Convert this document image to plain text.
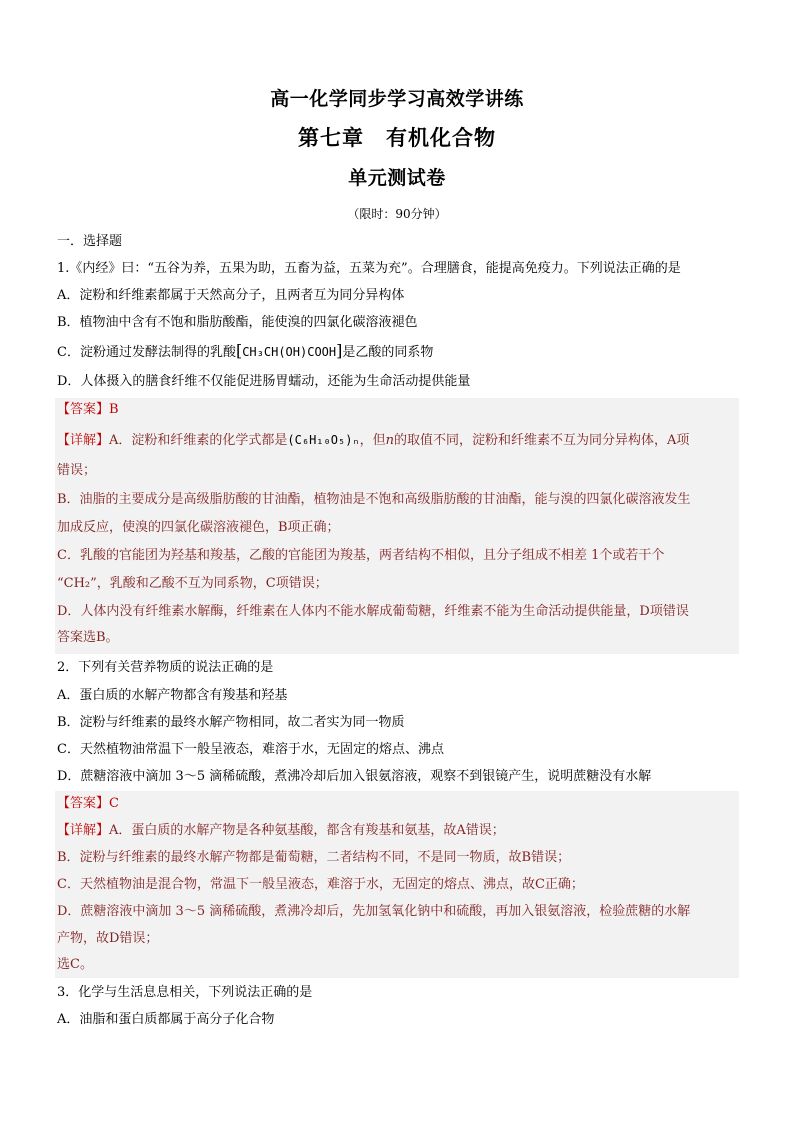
高一化学同步学习高效学讲练
第七章　有机化合物
单元测试卷
（限时：90分钟）
一．选择题
1.《内经》曰：“五谷为养，五果为助，五畜为益，五菜为充”。合理膳食，能提高免疫力。下列说法正确的是
A．淀粉和纤维素都属于天然高分子，且两者互为同分异构体
B．植物油中含有不饱和脂肪酸酯，能使溴的四氯化碳溶液褪色
C．淀粉通过发酵法制得的乳酸[CH₃CH(OH)COOH]是乙酸的同系物
D．人体摄入的膳食纤维不仅能促进肠胃蠕动，还能为生命活动提供能量
【答案】B
【详解】A．淀粉和纤维素的化学式都是(C₆H₁₀O₅)ₙ，但n的取值不同，淀粉和纤维素不互为同分异构体，A项
错误；
B．油脂的主要成分是高级脂肪酸的甘油酯，植物油是不饱和高级脂肪酸的甘油酯，能与溴的四氯化碳溶液发生
加成反应，使溴的四氯化碳溶液褪色，B项正确；
C．乳酸的官能团为羟基和羧基，乙酸的官能团为羧基，两者结构不相似，且分子组成不相差 1个或若干个
“CH₂”，乳酸和乙酸不互为同系物，C项错误；
D．人体内没有纤维素水解酶，纤维素在人体内不能水解成葡萄糖，纤维素不能为生命活动提供能量，D项错误
答案选B。
2．下列有关营养物质的说法正确的是
A．蛋白质的水解产物都含有羧基和羟基
B．淀粉与纤维素的最终水解产物相同，故二者实为同一物质
C．天然植物油常温下一般呈液态，难溶于水，无固定的熔点、沸点
D．蔗糖溶液中滴加 3～5 滴稀硫酸，煮沸冷却后加入银氨溶液，观察不到银镜产生，说明蔗糖没有水解
【答案】C
【详解】A．蛋白质的水解产物是各种氨基酸，都含有羧基和氨基，故A错误；
B．淀粉与纤维素的最终水解产物都是葡萄糖，二者结构不同，不是同一物质，故B错误；
C．天然植物油是混合物，常温下一般呈液态，难溶于水，无固定的熔点、沸点，故C正确；
D．蔗糖溶液中滴加 3～5 滴稀硫酸，煮沸冷却后，先加氢氧化钠中和硫酸，再加入银氨溶液，检验蔗糖的水解
产物，故D错误；
选C。
3．化学与生活息息相关，下列说法正确的是
A．油脂和蛋白质都属于高分子化合物
